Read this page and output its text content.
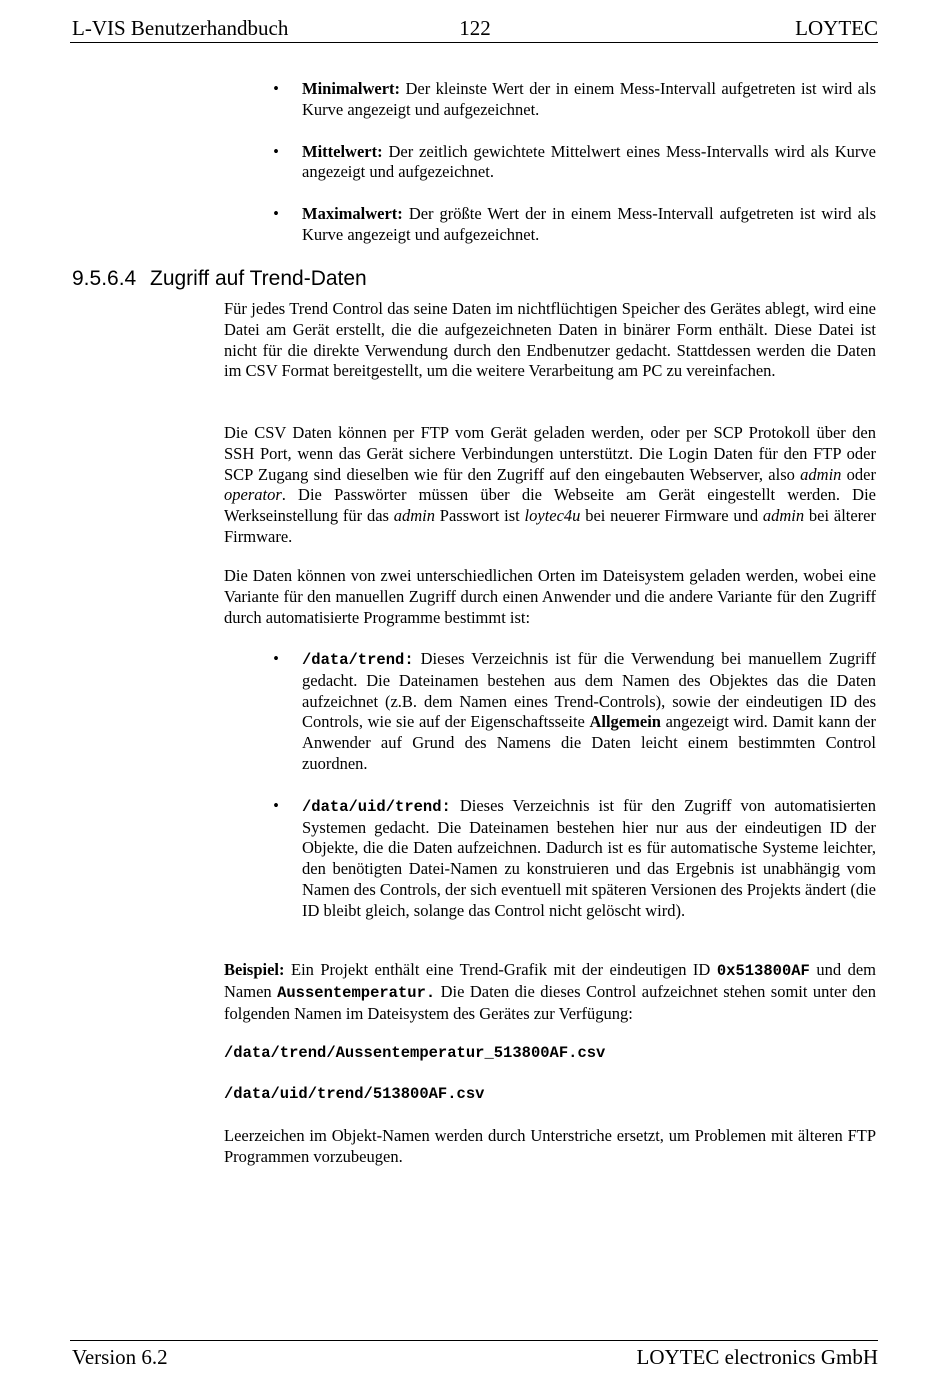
L-VIS Benutzerhandbuch	122	LOYTEC
• Minimalwert: Der kleinste Wert der in einem Mess-Intervall aufgetreten ist wird als Kurve angezeigt und aufgezeichnet.
• Mittelwert: Der zeitlich gewichtete Mittelwert eines Mess-Intervalls wird als Kurve angezeigt und aufgezeichnet.
• Maximalwert: Der größte Wert der in einem Mess-Intervall aufgetreten ist wird als Kurve angezeigt und aufgezeichnet.
9.5.6.4 Zugriff auf Trend-Daten

Für jedes Trend Control das seine Daten im nichtflüchtigen Speicher des Gerätes ablegt, wird eine Datei am Gerät erstellt, die die aufgezeichneten Daten in binärer Form enthält. Diese Datei ist nicht für die direkte Verwendung durch den Endbenutzer gedacht. Stattdessen werden die Daten im CSV Format bereitgestellt, um die weitere Verarbeitung am PC zu vereinfachen.

Die CSV Daten können per FTP vom Gerät geladen werden, oder per SCP Protokoll über den SSH Port, wenn das Gerät sichere Verbindungen unterstützt. Die Login Daten für den FTP oder SCP Zugang sind dieselben wie für den Zugriff auf den eingebauten Webserver, also admin oder operator. Die Passwörter müssen über die Webseite am Gerät eingestellt werden. Die Werkseinstellung für das admin Passwort ist loytec4u bei neuerer Firmware und admin bei älterer Firmware.

Die Daten können von zwei unterschiedlichen Orten im Dateisystem geladen werden, wobei eine Variante für den manuellen Zugriff durch einen Anwender und die andere Variante für den Zugriff durch automatisierte Programme bestimmt ist:

• /data/trend: Dieses Verzeichnis ist für die Verwendung bei manuellem Zugriff gedacht. Die Dateinamen bestehen aus dem Namen des Objektes das die Daten aufzeichnet (z.B. dem Namen eines Trend-Controls), sowie der eindeutigen ID des Controls, wie sie auf der Eigenschaftsseite Allgemein angezeigt wird. Damit kann der Anwender auf Grund des Namens die Daten leicht einem bestimmten Control zuordnen.
• /data/uid/trend: Dieses Verzeichnis ist für den Zugriff von automatisierten Systemen gedacht. Die Dateinamen bestehen hier nur aus der eindeutigen ID der Objekte, die die Daten aufzeichnen. Dadurch ist es für automatische Systeme leichter, den benötigten Datei-Namen zu konstruieren und das Ergebnis ist unabhängig vom Namen des Controls, der sich eventuell mit späteren Versionen des Projekts ändert (die ID bleibt gleich, solange das Control nicht gelöscht wird).

Beispiel: Ein Projekt enthält eine Trend-Grafik mit der eindeutigen ID 0x513800AF und dem Namen Aussentemperatur. Die Daten die dieses Control aufzeichnet stehen somit unter den folgenden Namen im Dateisystem des Gerätes zur Verfügung:

/data/trend/Aussentemperatur_513800AF.csv

/data/uid/trend/513800AF.csv

Leerzeichen im Objekt-Namen werden durch Unterstriche ersetzt, um Problemen mit älteren FTP Programmen vorzubeugen.

Version 6.2	LOYTEC electronics GmbH
